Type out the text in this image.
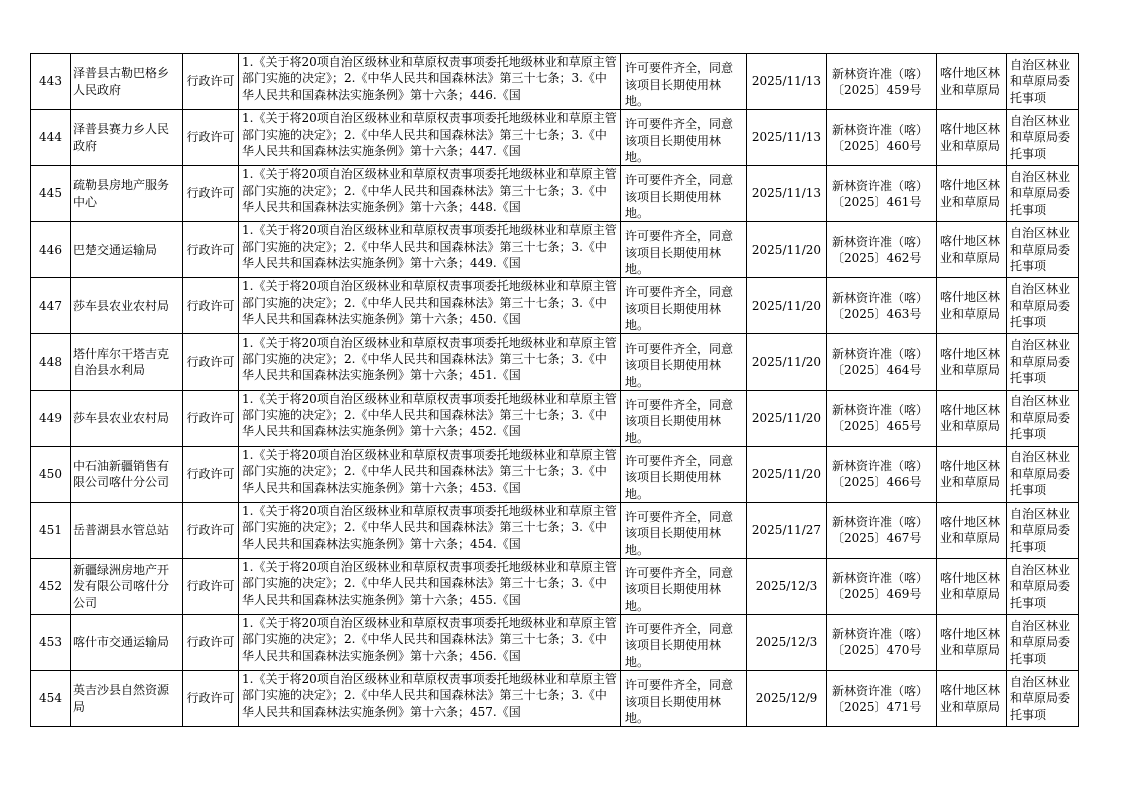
443	泽普县古勒巴格乡人民政府	行政许可	1.《关于将20项自治区级林业和草原权责事项委托地级林业和草原主管部门实施的决定》；2.《中华人民共和国森林法》第三十七条；3.《中华人民共和国森林法实施条例》第十六条；446.《国	许可要件齐全，同意该项目长期使用林地。	2025/11/13	新林资许准（喀）〔2025〕459号	喀什地区林业和草原局	自治区林业和草原局委托事项

444	泽普县赛力乡人民政府	行政许可	1.《关于将20项自治区级林业和草原权责事项委托地级林业和草原主管部门实施的决定》；2.《中华人民共和国森林法》第三十七条；3.《中华人民共和国森林法实施条例》第十六条；447.《国	许可要件齐全，同意该项目长期使用林地。	2025/11/13	新林资许准（喀）〔2025〕460号	喀什地区林业和草原局	自治区林业和草原局委托事项

445	疏勒县房地产服务中心	行政许可	1.《关于将20项自治区级林业和草原权责事项委托地级林业和草原主管部门实施的决定》；2.《中华人民共和国森林法》第三十七条；3.《中华人民共和国森林法实施条例》第十六条；448.《国	许可要件齐全，同意该项目长期使用林地。	2025/11/13	新林资许准（喀）〔2025〕461号	喀什地区林业和草原局	自治区林业和草原局委托事项

446	巴楚交通运输局	行政许可	1.《关于将20项自治区级林业和草原权责事项委托地级林业和草原主管部门实施的决定》；2.《中华人民共和国森林法》第三十七条；3.《中华人民共和国森林法实施条例》第十六条；449.《国	许可要件齐全，同意该项目长期使用林地。	2025/11/20	新林资许准（喀）〔2025〕462号	喀什地区林业和草原局	自治区林业和草原局委托事项

447	莎车县农业农村局	行政许可	1.《关于将20项自治区级林业和草原权责事项委托地级林业和草原主管部门实施的决定》；2.《中华人民共和国森林法》第三十七条；3.《中华人民共和国森林法实施条例》第十六条；450.《国	许可要件齐全，同意该项目长期使用林地。	2025/11/20	新林资许准（喀）〔2025〕463号	喀什地区林业和草原局	自治区林业和草原局委托事项

448	塔什库尔干塔吉克自治县水利局	行政许可	1.《关于将20项自治区级林业和草原权责事项委托地级林业和草原主管部门实施的决定》；2.《中华人民共和国森林法》第三十七条；3.《中华人民共和国森林法实施条例》第十六条；451.《国	许可要件齐全，同意该项目长期使用林地。	2025/11/20	新林资许准（喀）〔2025〕464号	喀什地区林业和草原局	自治区林业和草原局委托事项

449	莎车县农业农村局	行政许可	1.《关于将20项自治区级林业和草原权责事项委托地级林业和草原主管部门实施的决定》；2.《中华人民共和国森林法》第三十七条；3.《中华人民共和国森林法实施条例》第十六条；452.《国	许可要件齐全，同意该项目长期使用林地。	2025/11/20	新林资许准（喀）〔2025〕465号	喀什地区林业和草原局	自治区林业和草原局委托事项

450	中石油新疆销售有限公司喀什分公司	行政许可	1.《关于将20项自治区级林业和草原权责事项委托地级林业和草原主管部门实施的决定》；2.《中华人民共和国森林法》第三十七条；3.《中华人民共和国森林法实施条例》第十六条；453.《国	许可要件齐全，同意该项目长期使用林地。	2025/11/20	新林资许准（喀）〔2025〕466号	喀什地区林业和草原局	自治区林业和草原局委托事项

451	岳普湖县水管总站	行政许可	1.《关于将20项自治区级林业和草原权责事项委托地级林业和草原主管部门实施的决定》；2.《中华人民共和国森林法》第三十七条；3.《中华人民共和国森林法实施条例》第十六条；454.《国	许可要件齐全，同意该项目长期使用林地。	2025/11/27	新林资许准（喀）〔2025〕467号	喀什地区林业和草原局	自治区林业和草原局委托事项

452	新疆绿洲房地产开发有限公司喀什分公司	行政许可	1.《关于将20项自治区级林业和草原权责事项委托地级林业和草原主管部门实施的决定》；2.《中华人民共和国森林法》第三十七条；3.《中华人民共和国森林法实施条例》第十六条；455.《国	许可要件齐全，同意该项目长期使用林地。	2025/12/3	新林资许准（喀）〔2025〕469号	喀什地区林业和草原局	自治区林业和草原局委托事项

453	喀什市交通运输局	行政许可	1.《关于将20项自治区级林业和草原权责事项委托地级林业和草原主管部门实施的决定》；2.《中华人民共和国森林法》第三十七条；3.《中华人民共和国森林法实施条例》第十六条；456.《国	许可要件齐全，同意该项目长期使用林地。	2025/12/3	新林资许准（喀）〔2025〕470号	喀什地区林业和草原局	自治区林业和草原局委托事项

454	英吉沙县自然资源局	行政许可	1.《关于将20项自治区级林业和草原权责事项委托地级林业和草原主管部门实施的决定》；2.《中华人民共和国森林法》第三十七条；3.《中华人民共和国森林法实施条例》第十六条；457.《国	许可要件齐全，同意该项目长期使用林地。	2025/12/9	新林资许准（喀）〔2025〕471号	喀什地区林业和草原局	自治区林业和草原局委托事项
